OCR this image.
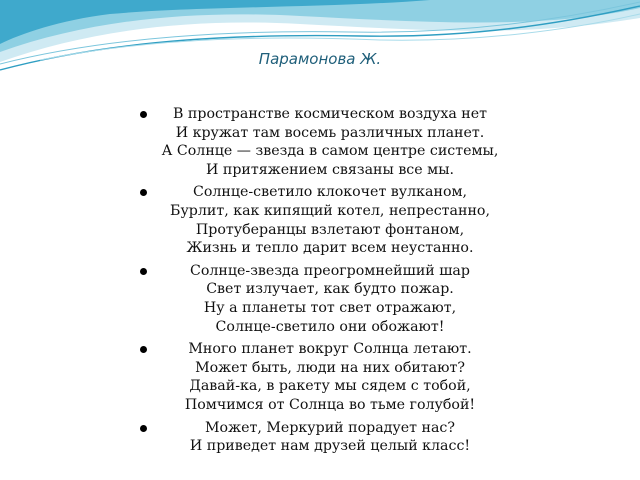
Парамонова Ж.
В пространстве космическом воздуха нет
И кружат там восемь различных планет.
А Солнце — звезда в самом центре системы,
И притяжением связаны все мы.
Солнце-светило клокочет вулканом,
Бурлит, как кипящий котел, непрестанно,
Протуберанцы взлетают фонтаном,
Жизнь и тепло дарит всем неустанно.
Солнце-звезда преогромнейший шар
Свет излучает, как будто пожар.
Ну а планеты тот свет отражают,
Солнце-светило они обожают!
Много планет вокруг Солнца летают.
Может быть, люди на них обитают?
Давай-ка, в ракету мы сядем с тобой,
Помчимся от Солнца во тьме голубой!
Может, Меркурий порадует нас?
И приведет нам друзей целый класс!
